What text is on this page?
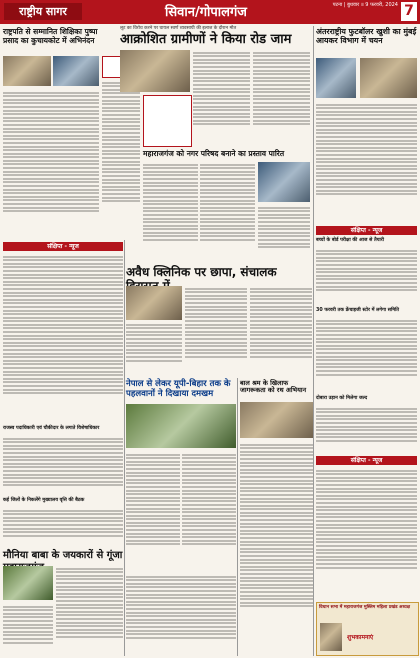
राष्ट्रीय सागर	सिवान/गोपालगंज	पटना | बुधवार ॥ 9 फरवरी, 2024 7
राष्ट्रपति से सम्मानित शिक्षिका पुष्पा प्रसाद का कुचायकोट में अभिनंदन
संक्षिप्त - न्यूज
राजस्व पदाधिकारी एवं चौकीदार के लगाते विशेषाधिकार
कई जिलों के निकलेंगे मुख्यालय वृत्ति की बैठक
मौनिया बाबा के जयकारों से गूंजा
लूट का विरोध करने पर घायल स्वर्ण व्यवसायी की इलाज के दौरान मौत
आक्रोशित ग्रामीणों ने किया रोड जाम
महाराजगंज को नगर परिषद बनाने का प्रस्ताव पारित
अवैध क्लिनिक पर छापा, संचालक
नेपाल से लेकर यूपी-बिहार तक के पहलवानों ने दिखाया दमखम
बाल श्रम के खिलाफ जागरूकता को रथ अभियान
अंतरराष्ट्रीय फुटबॉलर खुशी का मुंबई आयकर विभाग में चयन
संक्षिप्त - न्यूज
बच्चों के बोर्ड परीक्षा की आज से तैयारी
30 फरवरी तक फ्रेंचाइजी स्टोर में लगेगा समिति
दोबारा उड़ान को मिलेगा जल्द
संक्षिप्त - न्यूज
विधान सभा में महाराजगंज मुस्लिम महिला प्रखंड अध्यक्ष
शुभकामनाएं
